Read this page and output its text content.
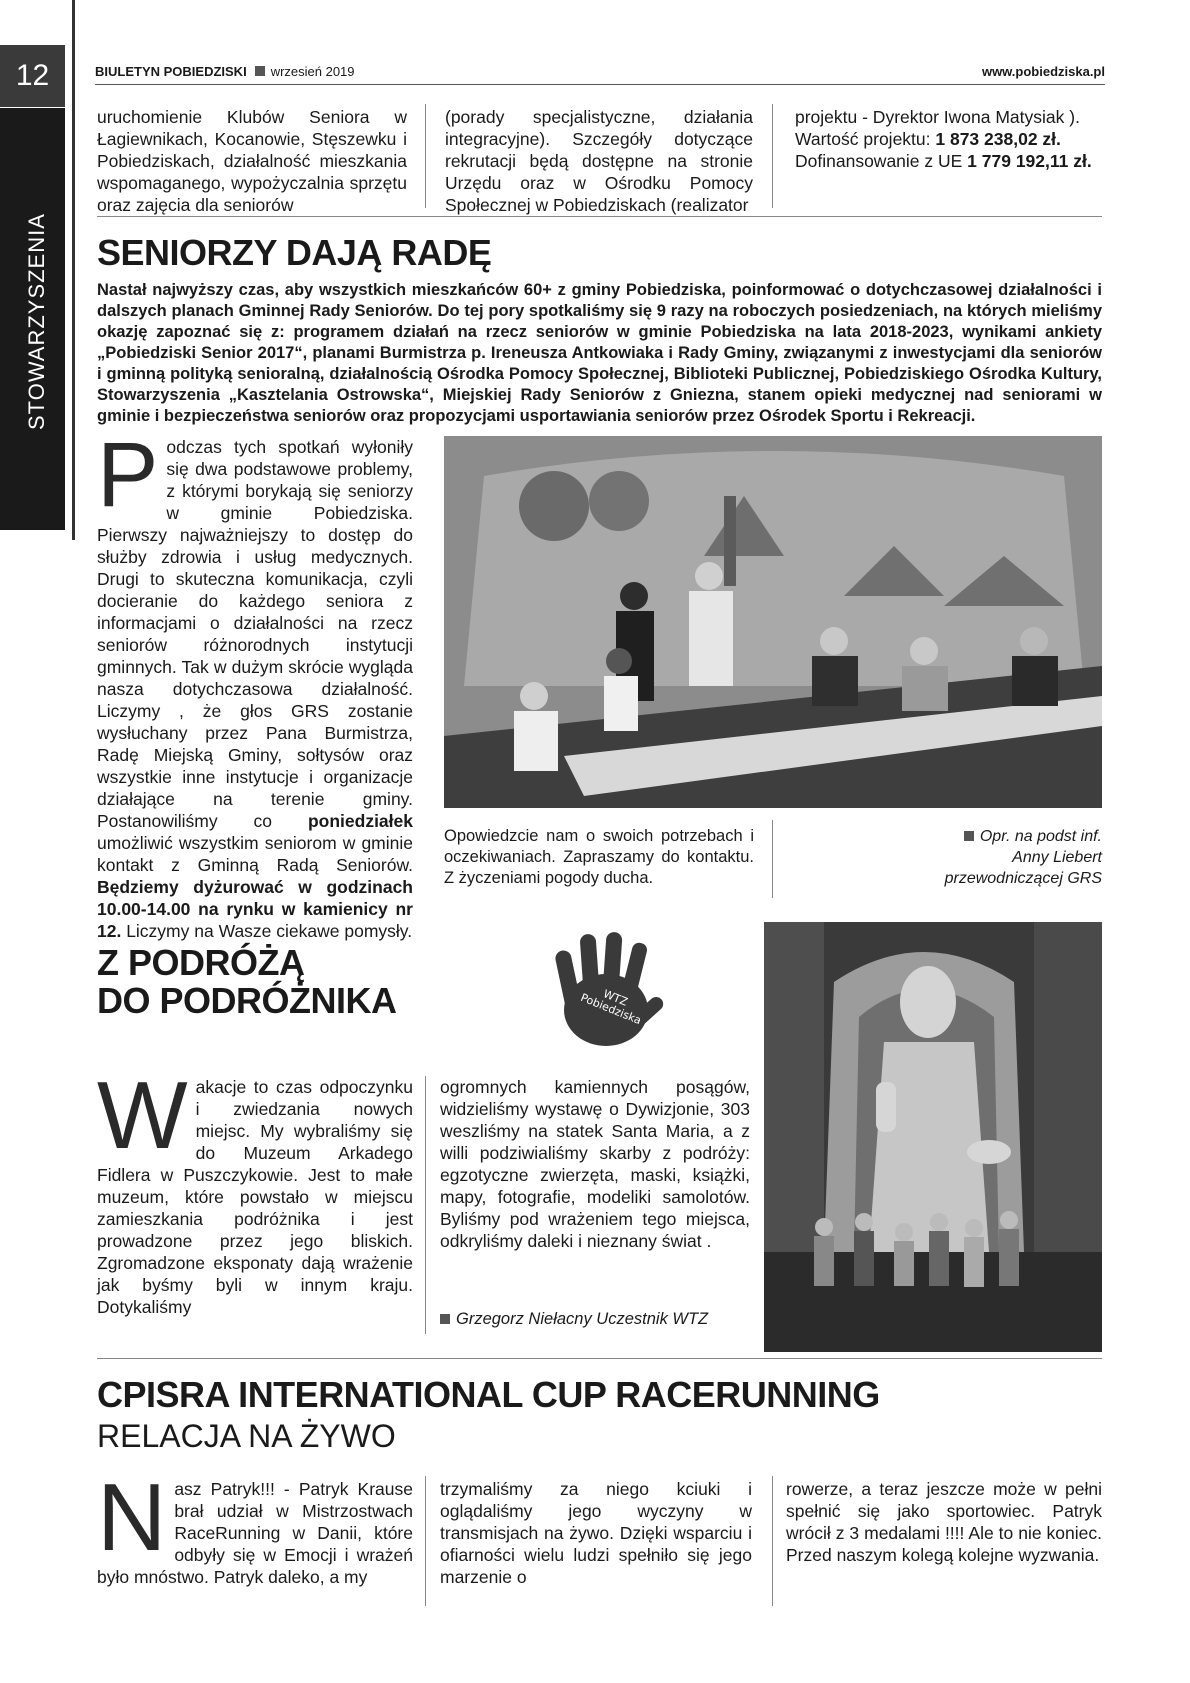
12
STOWARZYSZENIA
BIULETYN POBIEDZISKI wrzesień 2019	www.pobiedziska.pl
uruchomienie Klubów Seniora w Łagiewnikach, Kocanowie, Stęszewku i Pobiedziskach, działalność mieszkania wspomaganego, wypożyczalnia sprzętu oraz zajęcia dla seniorów
(porady specjalistyczne, działania integracyjne). Szczegóły dotyczące rekrutacji będą dostępne na stronie Urzędu oraz w Ośrodku Pomocy Społecznej w Pobiedziskach (realizator
projektu - Dyrektor Iwona Matysiak ). Wartość projektu: 1 873 238,02 zł. Dofinansowanie z UE 1 779 192,11 zł.
SENIORZY DAJĄ RADĘ
Nastał najwyższy czas, aby wszystkich mieszkańców 60+ z gminy Pobiedziska, poinformować o dotychczasowej działalności i dalszych planach Gminnej Rady Seniorów. Do tej pory spotkaliśmy się 9 razy na roboczych posiedzeniach, na których mieliśmy okazję zapoznać się z: programem działań na rzecz seniorów w gminie Pobiedziska na lata 2018-2023, wynikami ankiety „Pobiedziski Senior 2017“, planami Burmistrza p. Ireneusza Antkowiaka i Rady Gminy, związanymi z inwestycjami dla seniorów i gminną polityką senioralną, działalnością Ośrodka Pomocy Społecznej, Biblioteki Publicznej, Pobiedziskiego Ośrodka Kultury, Stowarzyszenia „Kasztelania Ostrowska“, Miejskiej Rady Seniorów z Gniezna, stanem opieki medycznej nad seniorami w gminie i bezpieczeństwa seniorów oraz propozycjami usportawiania seniorów przez Ośrodek Sportu i Rekreacji.
Podczas tych spotkań wyłoniły się dwa podstawowe problemy, z którymi borykają się seniorzy w gminie Pobiedziska. Pierwszy najważniejszy to dostęp do służby zdrowia i usług medycznych. Drugi to skuteczna komunikacja, czyli docieranie do każdego seniora z informacjami o działalności na rzecz seniorów różnorodnych instytucji gminnych. Tak w dużym skrócie wygląda nasza dotychczasowa działalność. Liczymy , że głos GRS zostanie wysłuchany przez Pana Burmistrza, Radę Miejską Gminy, sołtysów oraz wszystkie inne instytucje i organizacje działające na terenie gminy. Postanowiliśmy co poniedziałek umożliwić wszystkim seniorom w gminie kontakt z Gminną Radą Seniorów. Będziemy dyżurować w godzinach 10.00-14.00 na rynku w kamienicy nr 12. Liczymy na Wasze ciekawe pomysły.
Opowiedzcie nam o swoich potrzebach i oczekiwaniach. Zapraszamy do kontaktu. Z życzeniami pogody ducha.
Opr. na podst inf.
Anny Liebert
przewodniczącej GRS
Z PODRÓŻĄ
DO PODRÓŻNIKA	WTZ Pobiedziska
Wakacje to czas odpoczynku i zwiedzania nowych miejsc. My wybraliśmy się do Muzeum Arkadego Fidlera w Puszczykowie. Jest to małe muzeum, które powstało w miejscu zamieszkania podróżnika i jest prowadzone przez jego bliskich. Zgromadzone eksponaty dają wrażenie jak byśmy byli w innym kraju. Dotykaliśmy
ogromnych kamiennych posągów, widzieliśmy wystawę o Dywizjonie, 303 weszliśmy na statek Santa Maria, a z willi podziwialiśmy skarby z podróży: egzotyczne zwierzęta, maski, książki, mapy, fotografie, modeliki samolotów. Byliśmy pod wrażeniem tego miejsca, odkryliśmy daleki i nieznany świat .
Grzegorz Niełacny Uczestnik WTZ
CPISRA INTERNATIONAL CUP RACERUNNING
RELACJA NA ŻYWO
Nasz Patryk!!! - Patryk Krause brał udział w Mistrzostwach RaceRunning w Danii, które odbyły się w Emocji i wrażeń było mnóstwo. Patryk daleko, a my
trzymaliśmy za niego kciuki i oglądaliśmy jego wyczyny w transmisjach na żywo. Dzięki wsparciu i ofiarności wielu ludzi spełniło się jego marzenie o
rowerze, a teraz jeszcze może w pełni spełnić się jako sportowiec. Patryk wrócił z 3 medalami !!!! Ale to nie koniec. Przed naszym kolegą kolejne wyzwania.
